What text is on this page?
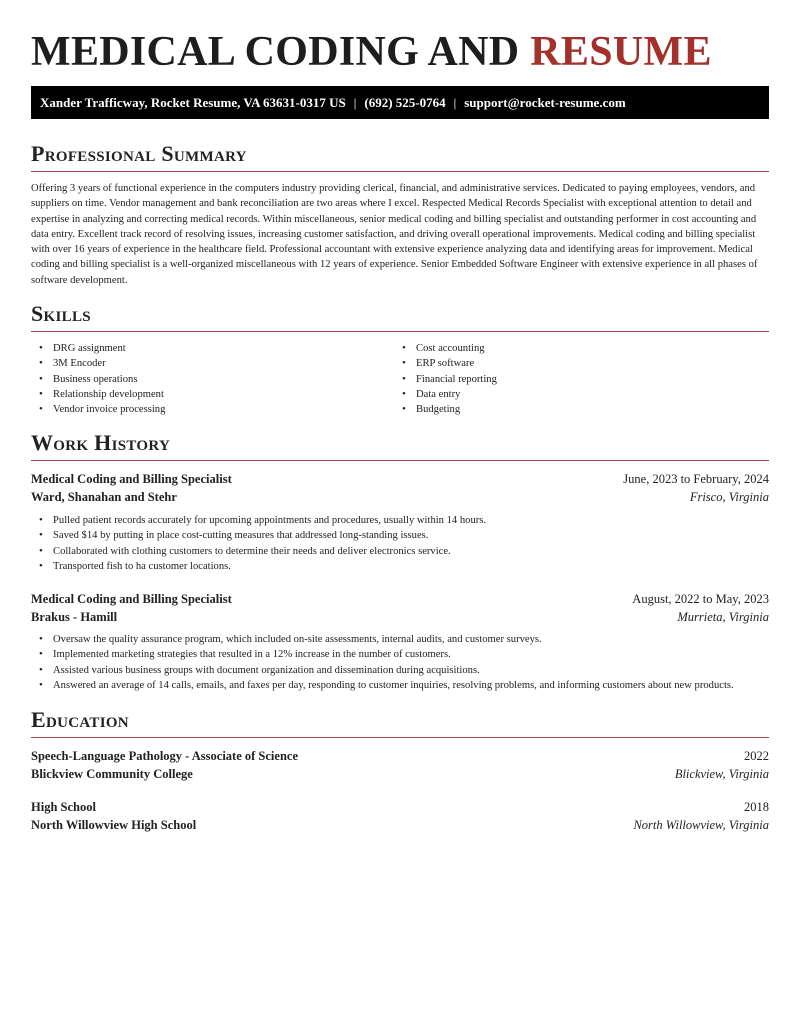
MEDICAL CODING AND RESUME
Xander Trafficway, Rocket Resume, VA 63631-0317 US | (692) 525-0764 | support@rocket-resume.com
Professional Summary

Offering 3 years of functional experience in the computers industry providing clerical, financial, and administrative services. Dedicated to paying employees, vendors, and suppliers on time. Vendor management and bank reconciliation are two areas where I excel. Respected Medical Records Specialist with exceptional attention to detail and expertise in analyzing and correcting medical records. Within miscellaneous, senior medical coding and billing specialist and outstanding performer in cost accounting and data entry. Excellent track record of resolving issues, increasing customer satisfaction, and driving overall operational improvements. Medical coding and billing specialist with over 16 years of experience in the healthcare field. Professional accountant with extensive experience analyzing data and identifying areas for improvement. Medical coding and billing specialist is a well-organized miscellaneous with 12 years of experience. Senior Embedded Software Engineer with extensive experience in all phases of software development.

Skills
• DRG assignment
• 3M Encoder
• Business operations
• Relationship development
• Vendor invoice processing
• Cost accounting
• ERP software
• Financial reporting
• Data entry
• Budgeting
Work History
Medical Coding and Billing Specialist	June, 2023 to February, 2024
Ward, Shanahan and Stehr	Frisco, Virginia
• Pulled patient records accurately for upcoming appointments and procedures, usually within 14 hours.
• Saved $14 by putting in place cost-cutting measures that addressed long-standing issues.
• Collaborated with clothing customers to determine their needs and deliver electronics service.
• Transported fish to ha customer locations.
Medical Coding and Billing Specialist	August, 2022 to May, 2023
Brakus - Hamill	Murrieta, Virginia
• Oversaw the quality assurance program, which included on-site assessments, internal audits, and customer surveys.
• Implemented marketing strategies that resulted in a 12% increase in the number of customers.
• Assisted various business groups with document organization and dissemination during acquisitions.
• Answered an average of 14 calls, emails, and faxes per day, responding to customer inquiries, resolving problems, and informing customers about new products.
Education
Speech-Language Pathology - Associate of Science	2022
Blickview Community College	Blickview, Virginia
High School	2018
North Willowview High School	North Willowview, Virginia
